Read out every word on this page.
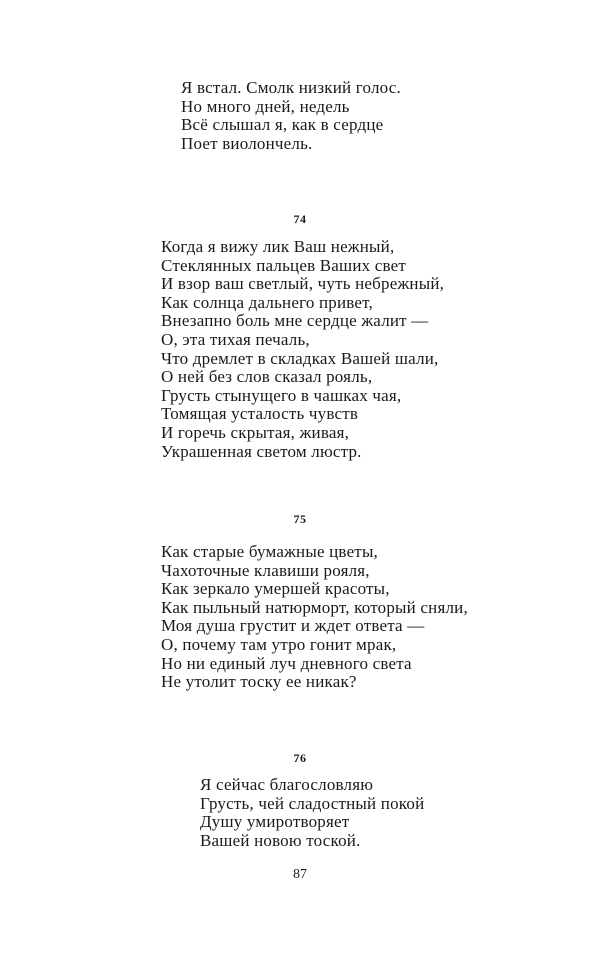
Я встал. Смолк низкий голос.
Но много дней, недель
Всё слышал я, как в сердце
Поет виолончель.
74
Когда я вижу лик Ваш нежный,
Стеклянных пальцев Ваших свет
И взор ваш светлый, чуть небрежный,
Как солнца дальнего привет,
Внезапно боль мне сердце жалит —
О, эта тихая печаль,
Что дремлет в складках Вашей шали,
О ней без слов сказал рояль,
Грусть стынущего в чашках чая,
Томящая усталость чувств
И горечь скрытая, живая,
Украшенная светом люстр.
75
Как старые бумажные цветы,
Чахоточные клавиши рояля,
Как зеркало умершей красоты,
Как пыльный натюрморт, который сняли,
Моя душа грустит и ждет ответа —
О, почему там утро гонит мрак,
Но ни единый луч дневного света
Не утолит тоску ее никак?
76
Я сейчас благословляю
Грусть, чей сладостный покой
Душу умиротворяет
Вашей новою тоской.
87
